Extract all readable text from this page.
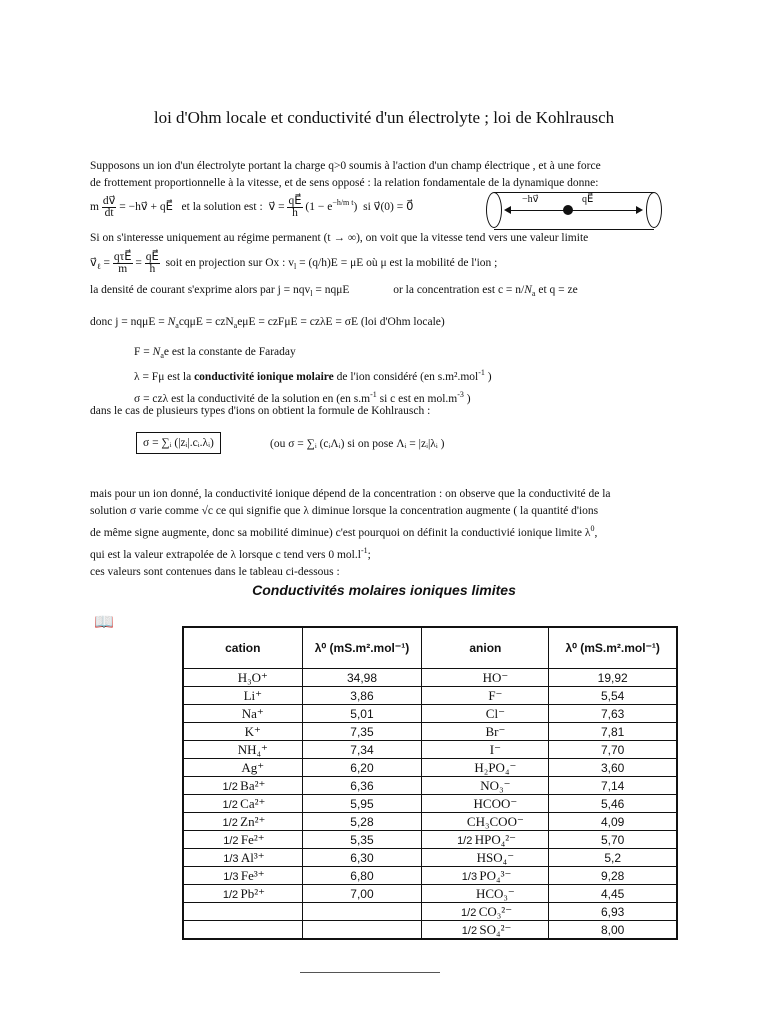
loi d'Ohm locale et conductivité d'un électrolyte ; loi de Kohlrausch
Supposons un ion d'un électrolyte portant la charge q>0 soumis à l'action d'un champ électrique , et à une force
de frottement proportionnelle à la vitesse, et de sens opposé : la relation fondamentale de la dynamique donne:
m $\frac{dv⃗}{dt}$ = −hv⃗ + qE⃗ et la solution est : v⃗ = $\frac{qE⃗}{h} (1 - e^{-h/m t})$ si v⃗(0) = 0⃗
−hv⃗	qE⃗
Si on s'interesse uniquement au régime permanent (t → ∞), on voit que la vitesse tend vers une valeur limite
$v⃗_\ell = \frac{\text{qτE⃗}}{m} = \frac{qE⃗}{h}$ soit en projection sur Ox : $v_l = (q/h)E = \mu E$ où μ est la mobilité de l'ion ;
la densité de courant s'exprime alors par j = nqv$_l$ = nqμE	or la concentration est $c = n/N_a$ et q = ze
donc $j = nq\mu E = N_acq\mu E = czN_ae\mu E = czF\mu E = cz\lambda E = \sigma E$ (loi d'Ohm locale)
$F = N_ae$ est la constante de Faraday
λ = Fμ est la conductivité ionique molaire de l'ion considéré (en s.m².mol$^{-1}$ )
σ = czλ est la conductivité de la solution en (en $s.m^{-1}$ si c est en $mol.m^{-3}$ )
dans le cas de plusieurs types d'ions on obtient la formule de Kohlrausch :
σ = ∑ᵢ (|zᵢ|.cᵢ.λᵢ)	(ou σ = ∑ᵢ (cᵢΛᵢ) si on pose Λᵢ = |zᵢ|λᵢ )
mais pour un ion donné, la conductivité ionique dépend de la concentration : on observe que la conductivité de la
solution σ varie comme √c ce qui signifie que λ diminue lorsque la concentration augmente ( la quantité d'ions
de même signe augmente, donc sa mobilité diminue) c'est pourquoi on définit la conductivié ionique limite $\lambda^0$,
qui est la valeur extrapolée de λ lorsque c tend vers 0 $mol.l^{-1}$;
ces valeurs sont contenues dans le tableau ci-dessous :
Conductivités molaires ioniques limites
📖
cation	λ⁰ (mS.m².mol⁻¹)	anion	λ⁰ (mS.m².mol⁻¹)
H₃O⁺	34,98	HO⁻	19,92
Li⁺	3,86	F⁻	5,54
Na⁺	5,01	Cl⁻	7,63
K⁺	7,35	Br⁻	7,81
NH₄⁺	7,34	I⁻	7,70
Ag⁺	6,20	H₂PO₄⁻	3,60
1/2 Ba²⁺	6,36	NO₃⁻	7,14
1/2 Ca²⁺	5,95	HCOO⁻	5,46
1/2 Zn²⁺	5,28	CH₃COO⁻	4,09
1/2 Fe²⁺	5,35	1/2 HPO₄²⁻	5,70
1/3 Al³⁺	6,30	HSO₄⁻	5,2
1/3 Fe³⁺	6,80	1/3 PO₄³⁻	9,28
1/2 Pb²⁺	7,00	HCO₃⁻	4,45
		1/2 CO₃²⁻	6,93
		1/2 SO₄²⁻	8,00
